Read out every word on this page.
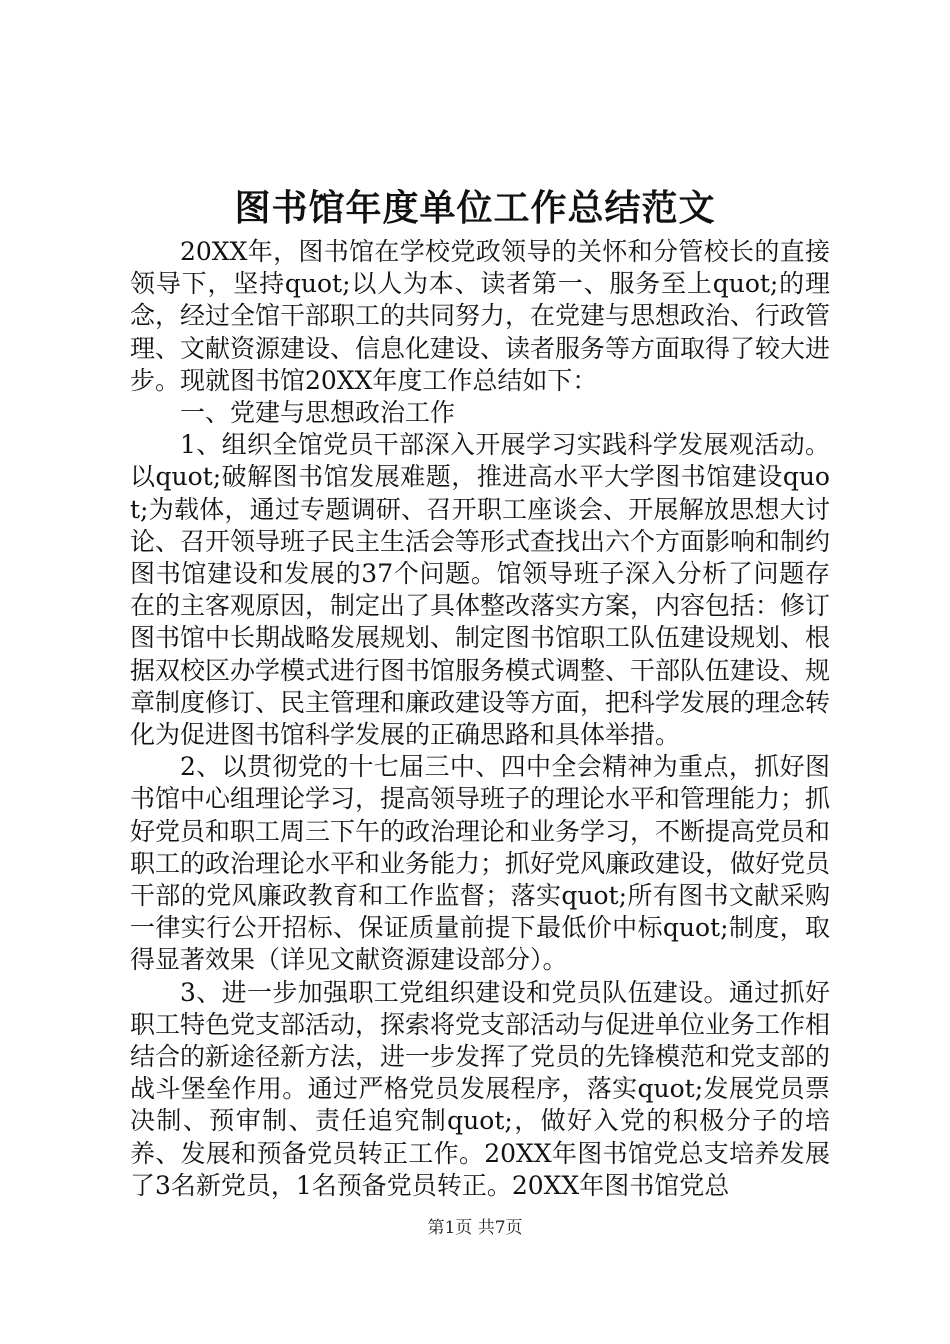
图书馆年度单位工作总结范文

20XX年，图书馆在学校党政领导的关怀和分管校长的直接领导下，坚持quot;以人为本、读者第一、服务至上quot;的理念，经过全馆干部职工的共同努力，在党建与思想政治、行政管理、文献资源建设、信息化建设、读者服务等方面取得了较大进步。现就图书馆20XX年度工作总结如下：

一、党建与思想政治工作

1、组织全馆党员干部深入开展学习实践科学发展观活动。以quot;破解图书馆发展难题，推进高水平大学图书馆建设quot;为载体，通过专题调研、召开职工座谈会、开展解放思想大讨论、召开领导班子民主生活会等形式查找出六个方面影响和制约图书馆建设和发展的37个问题。馆领导班子深入分析了问题存在的主客观原因，制定出了具体整改落实方案，内容包括：修订图书馆中长期战略发展规划、制定图书馆职工队伍建设规划、根据双校区办学模式进行图书馆服务模式调整、干部队伍建设、规章制度修订、民主管理和廉政建设等方面，把科学发展的理念转化为促进图书馆科学发展的正确思路和具体举措。

2、以贯彻党的十七届三中、四中全会精神为重点，抓好图书馆中心组理论学习，提高领导班子的理论水平和管理能力；抓好党员和职工周三下午的政治理论和业务学习，不断提高党员和职工的政治理论水平和业务能力；抓好党风廉政建设，做好党员干部的党风廉政教育和工作监督；落实quot;所有图书文献采购一律实行公开招标、保证质量前提下最低价中标quot;制度，取得显著效果（详见文献资源建设部分）。

3、进一步加强职工党组织建设和党员队伍建设。通过抓好职工特色党支部活动，探索将党支部活动与促进单位业务工作相结合的新途径新方法，进一步发挥了党员的先锋模范和党支部的战斗堡垒作用。通过严格党员发展程序，落实quot;发展党员票决制、预审制、责任追究制quot;，做好入党的积极分子的培养、发展和预备党员转正工作。20XX年图书馆党总支培养发展了3名新党员，1名预备党员转正。20XX年图书馆党总

第1页 共7页
